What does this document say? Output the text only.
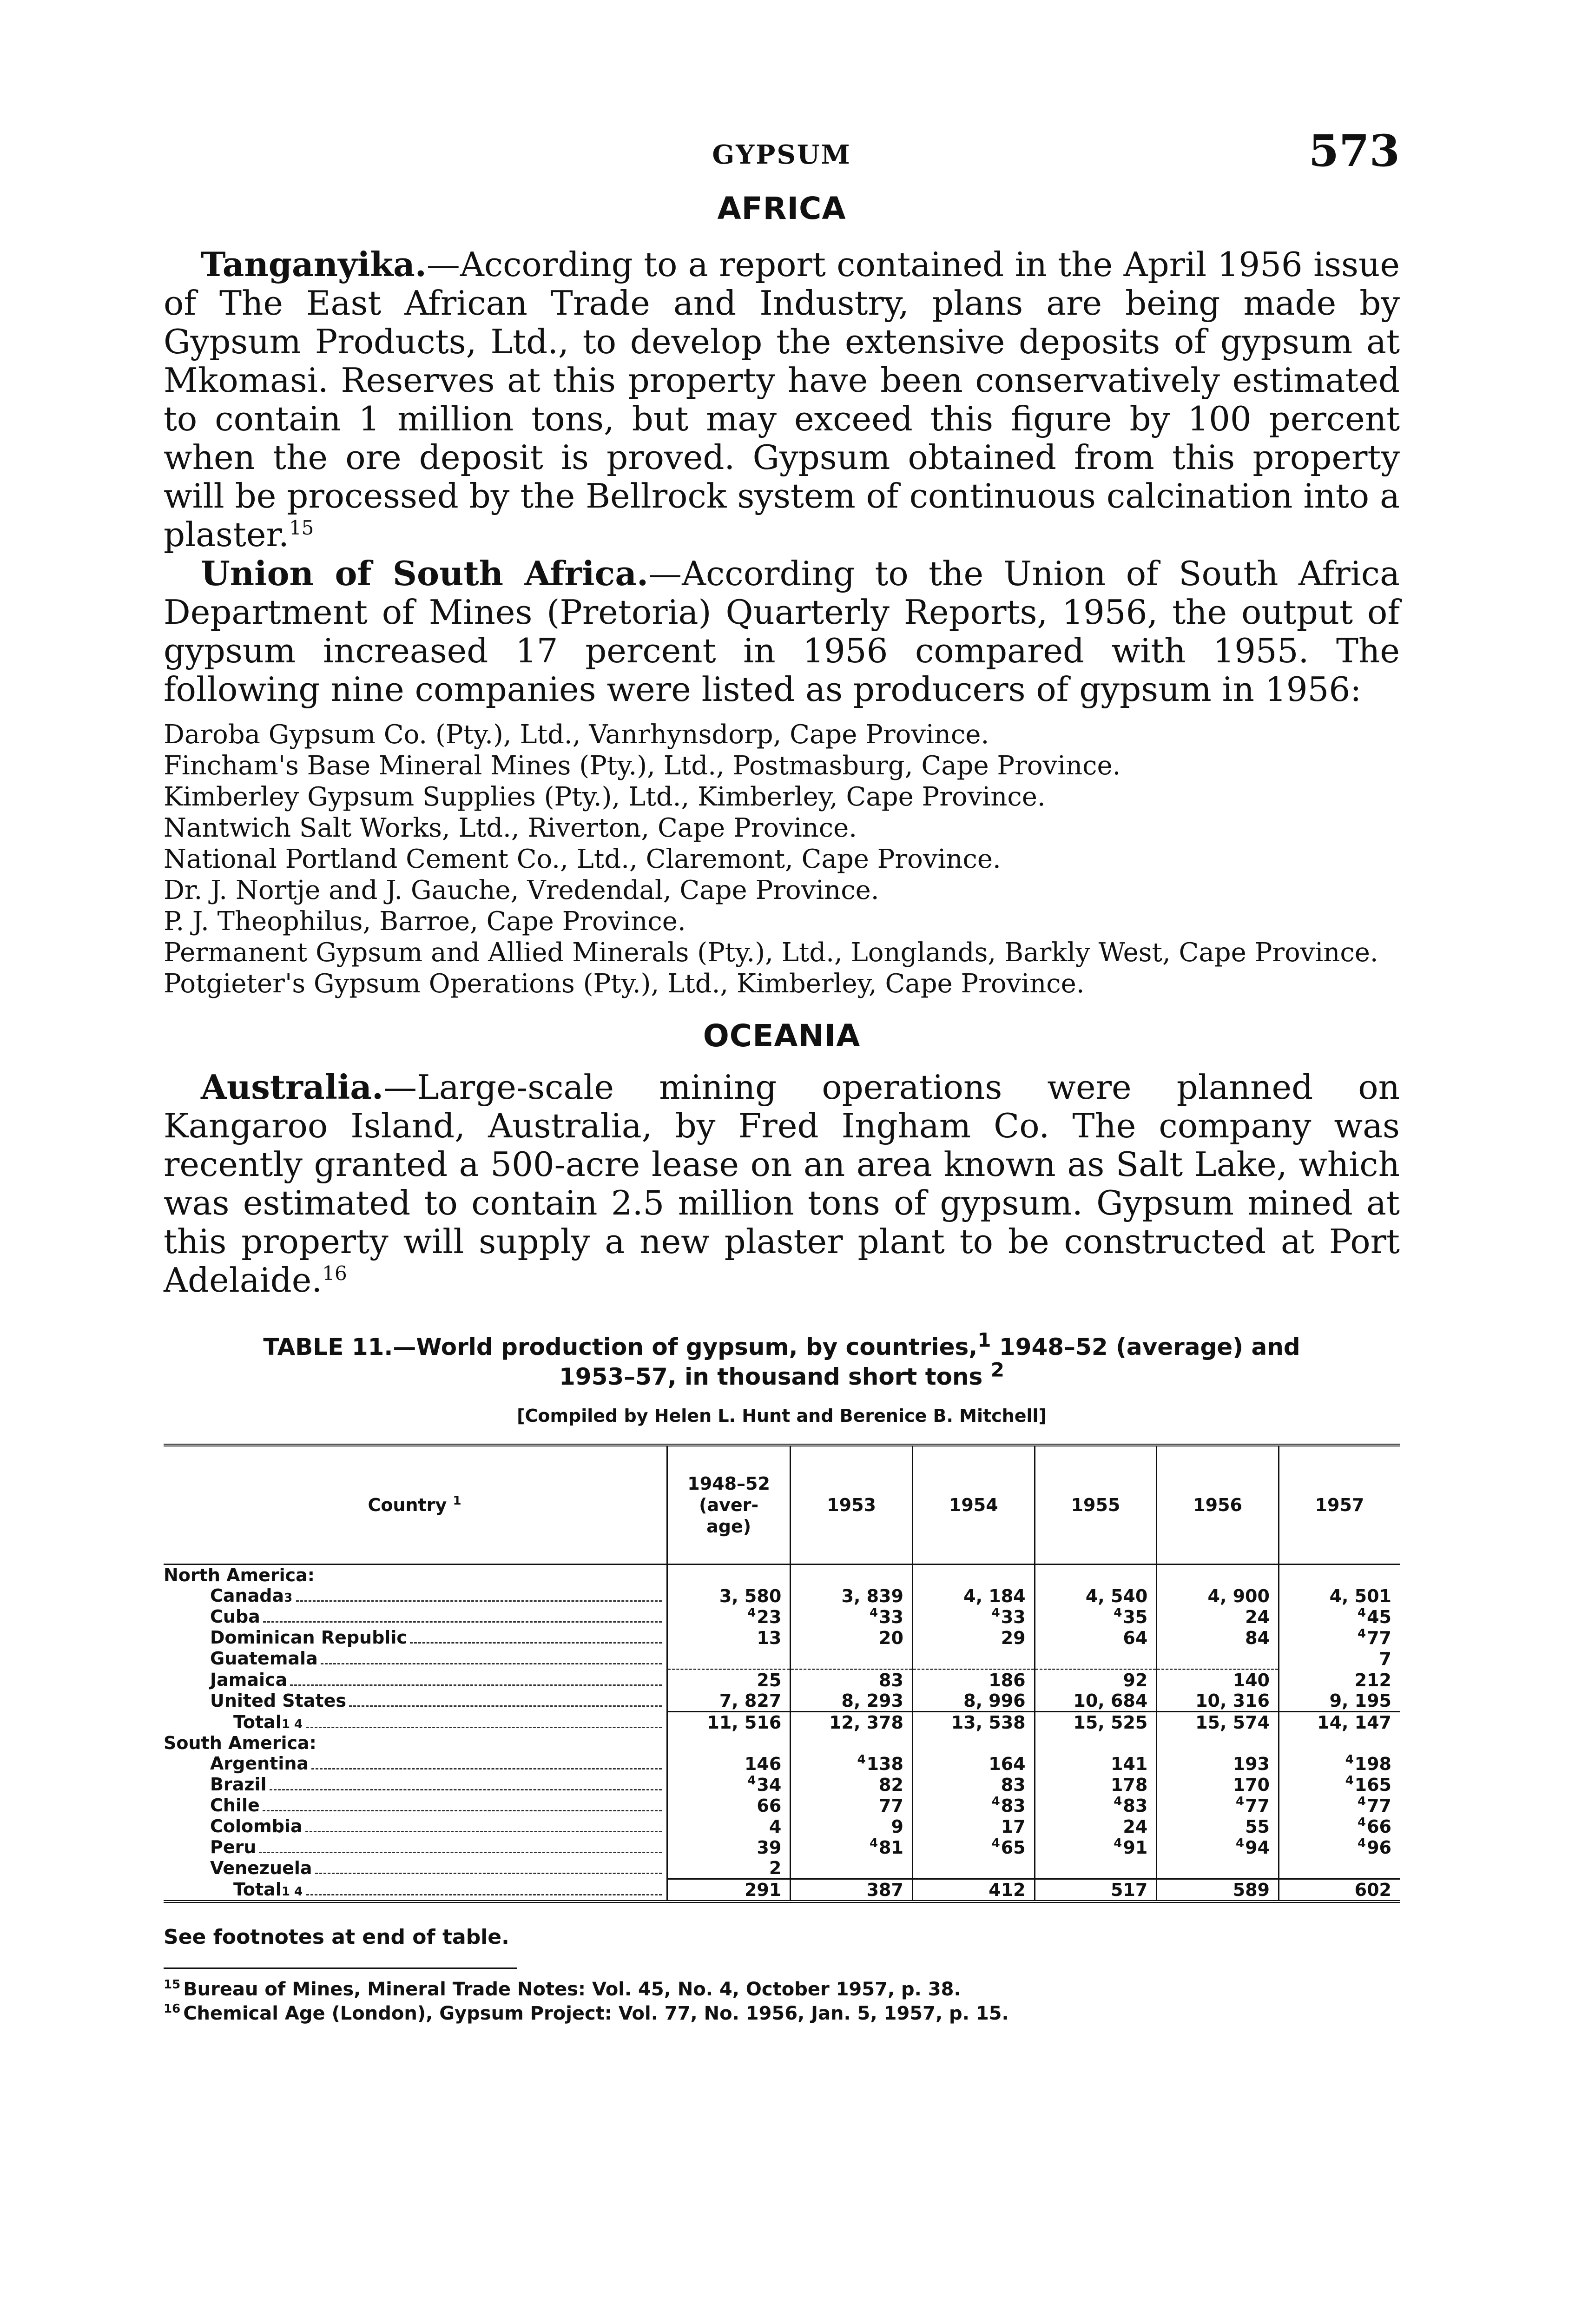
GYPSUM	573
AFRICA

Tanganyika.—According to a report contained in the April 1956 issue of The East African Trade and Industry, plans are being made by Gypsum Products, Ltd., to develop the extensive deposits of gypsum at Mkomasi. Reserves at this property have been conservatively estimated to contain 1 million tons, but may exceed this figure by 100 percent when the ore deposit is proved. Gypsum obtained from this property will be processed by the Bellrock system of continuous calcination into a plaster.$^{15}$

Union of South Africa.—According to the Union of South Africa Department of Mines (Pretoria) Quarterly Reports, 1956, the output of gypsum increased 17 percent in 1956 compared with 1955. The following nine companies were listed as producers of gypsum in 1956:

Daroba Gypsum Co. (Pty.), Ltd., Vanrhynsdorp, Cape Province.
Fincham's Base Mineral Mines (Pty.), Ltd., Postmasburg, Cape Province.
Kimberley Gypsum Supplies (Pty.), Ltd., Kimberley, Cape Province.
Nantwich Salt Works, Ltd., Riverton, Cape Province.
National Portland Cement Co., Ltd., Claremont, Cape Province.
Dr. J. Nortje and J. Gauche, Vredendal, Cape Province.
P. J. Theophilus, Barroe, Cape Province.
Permanent Gypsum and Allied Minerals (Pty.), Ltd., Longlands, Barkly West, Cape Province.
Potgieter's Gypsum Operations (Pty.), Ltd., Kimberley, Cape Province.
OCEANIA

Australia.—Large-scale mining operations were planned on Kangaroo Island, Australia, by Fred Ingham Co. The company was recently granted a 500-acre lease on an area known as Salt Lake, which was estimated to contain 2.5 million tons of gypsum. Gypsum mined at this property will supply a new plaster plant to be constructed at Port Adelaide.$^{16}$

TABLE 11.—World production of gypsum, by countries,$^1$ 1948–52 (average) and
1953–57, in thousand short tons $^2$
[Compiled by Helen L. Hunt and Berenice B. Mitchell]
Country $^1$	1948–52
(aver-
age)	1953	1954	1955	1956	1957
North America:						

Canada 3	3, 580	3, 839	4, 184	4, 540	4, 900	4, 501

Cuba	$^4$23	$^4$33	$^4$33	$^4$35	24	$^4$45

Dominican Republic	13	20	29	64	84	$^4$77

Guatemala						7

Jamaica	25	83	186	92	140	212

United States	7, 827	8, 293	8, 996	10, 684	10, 316	9, 195

Total 1 4	11, 516	12, 378	13, 538	15, 525	15, 574	14, 147
South America:						

Argentina	146	$^4$138	164	141	193	$^4$198

Brazil	$^4$34	82	83	178	170	$^4$165

Chile	66	77	$^4$83	$^4$83	$^4$77	$^4$77

Colombia	4	9	17	24	55	$^4$66

Peru	39	$^4$81	$^4$65	$^4$91	$^4$94	$^4$96

Venezuela	2					

Total 1 4	291	387	412	517	589	602
See footnotes at end of table.
$^{15}$ Bureau of Mines, Mineral Trade Notes: Vol. 45, No. 4, October 1957, p. 38.
$^{16}$ Chemical Age (London), Gypsum Project: Vol. 77, No. 1956, Jan. 5, 1957, p. 15.
